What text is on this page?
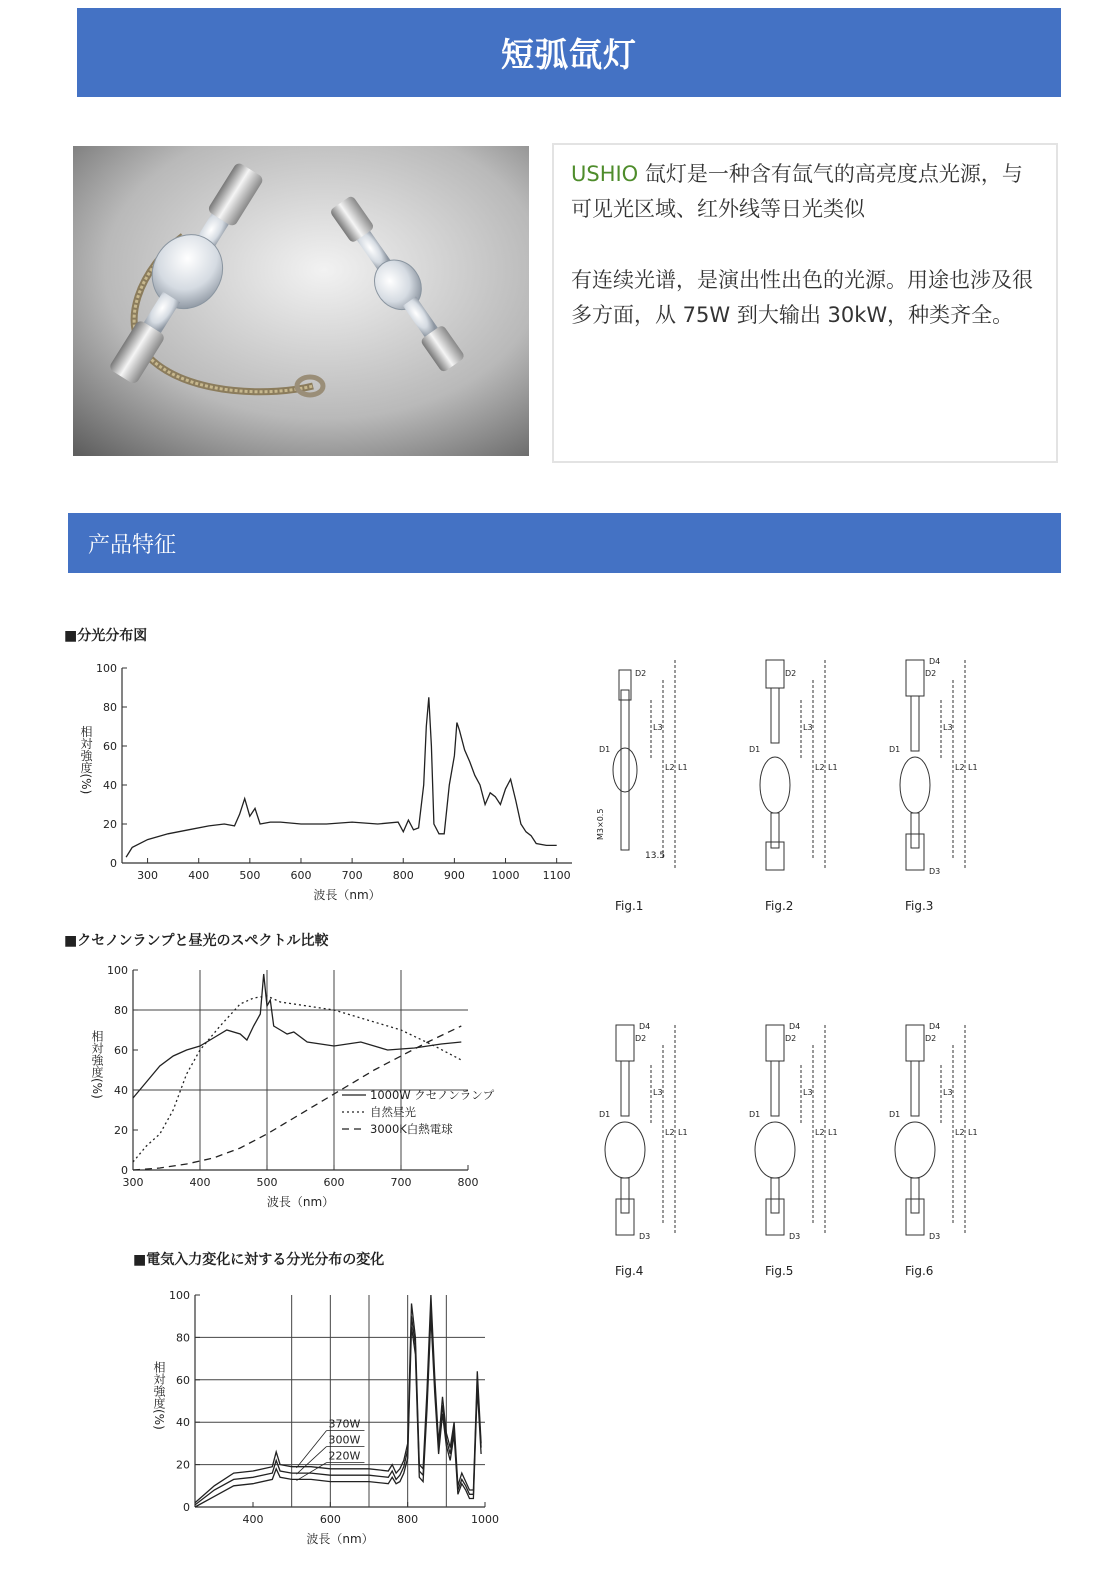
短弧氙灯

USHIO 氙灯是一种含有氙气的高亮度点光源，与可见光区域、红外线等日光类似

有连续光谱，是演出性出色的光源。用途也涉及很多方面，从 75W 到大输出 30kW，种类齐全。

产品特征
■分光分布図
■クセノンランプと昼光のスペクトル比較
■電気入力変化に対する分光分布の変化
0
20
40
60
80
100
300	400	500	600	700	800	900 1000 1100
波長（nm）
相対強度(%)
0
20
40
60
80
100
300	400	500	600	700	800
波長（nm）
相対強度(%)	1000W クセノンランプ
自然昼光
3000K白熱電球
0
20
40
60
80
100
400	600	800	1000
波長（nm）
相対強度(%)	370W
300W
220W
L1
L2
L3
D2
D1
M3×0.5
13.5
Fig.1
L1
L2
L3
D2
D1
Fig.2
L1
L2
L3
D2
D1
D4
D3
Fig.3
L1
L2
L3
D2
D1
D4
D3
Fig.4
L1
L2
L3
D2
D1
D4
D3
Fig.5
L1
L2
L3
D2
D1
D4
D3
Fig.6
